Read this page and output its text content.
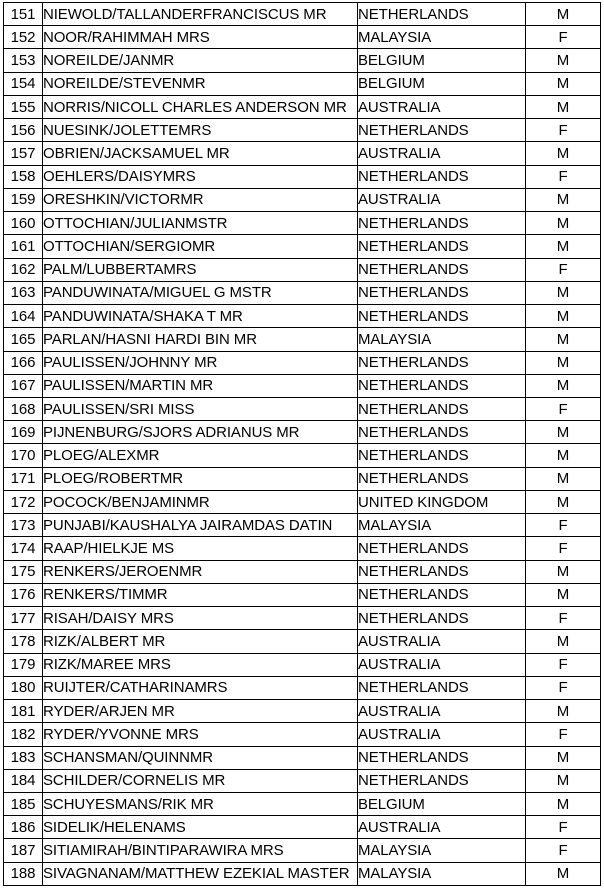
151	NIEWOLD/TALLANDERFRANCISCUS MR	NETHERLANDS	M
152	NOOR/RAHIMMAH MRS	MALAYSIA	F
153	NOREILDE/JANMR	BELGIUM	M
154	NOREILDE/STEVENMR	BELGIUM	M
155	NORRIS/NICOLL CHARLES ANDERSON MR	AUSTRALIA	M
156	NUESINK/JOLETTEMRS	NETHERLANDS	F
157	OBRIEN/JACKSAMUEL MR	AUSTRALIA	M
158	OEHLERS/DAISYMRS	NETHERLANDS	F
159	ORESHKIN/VICTORMR	AUSTRALIA	M
160	OTTOCHIAN/JULIANMSTR	NETHERLANDS	M
161	OTTOCHIAN/SERGIOMR	NETHERLANDS	M
162	PALM/LUBBERTAMRS	NETHERLANDS	F
163	PANDUWINATA/MIGUEL G MSTR	NETHERLANDS	M
164	PANDUWINATA/SHAKA T MR	NETHERLANDS	M
165	PARLAN/HASNI HARDI BIN MR	MALAYSIA	M
166	PAULISSEN/JOHNNY MR	NETHERLANDS	M
167	PAULISSEN/MARTIN MR	NETHERLANDS	M
168	PAULISSEN/SRI MISS	NETHERLANDS	F
169	PIJNENBURG/SJORS ADRIANUS MR	NETHERLANDS	M
170	PLOEG/ALEXMR	NETHERLANDS	M
171	PLOEG/ROBERTMR	NETHERLANDS	M
172	POCOCK/BENJAMINMR	UNITED KINGDOM	M
173	PUNJABI/KAUSHALYA JAIRAMDAS DATIN	MALAYSIA	F
174	RAAP/HIELKJE MS	NETHERLANDS	F
175	RENKERS/JEROENMR	NETHERLANDS	M
176	RENKERS/TIMMR	NETHERLANDS	M
177	RISAH/DAISY MRS	NETHERLANDS	F
178	RIZK/ALBERT MR	AUSTRALIA	M
179	RIZK/MAREE MRS	AUSTRALIA	F
180	RUIJTER/CATHARINAMRS	NETHERLANDS	F
181	RYDER/ARJEN MR	AUSTRALIA	M
182	RYDER/YVONNE MRS	AUSTRALIA	F
183	SCHANSMAN/QUINNMR	NETHERLANDS	M
184	SCHILDER/CORNELIS MR	NETHERLANDS	M
185	SCHUYESMANS/RIK MR	BELGIUM	M
186	SIDELIK/HELENAMS	AUSTRALIA	F
187	SITIAMIRAH/BINTIPARAWIRA MRS	MALAYSIA	F
188	SIVAGNANAM/MATTHEW EZEKIAL MASTER	MALAYSIA	M
